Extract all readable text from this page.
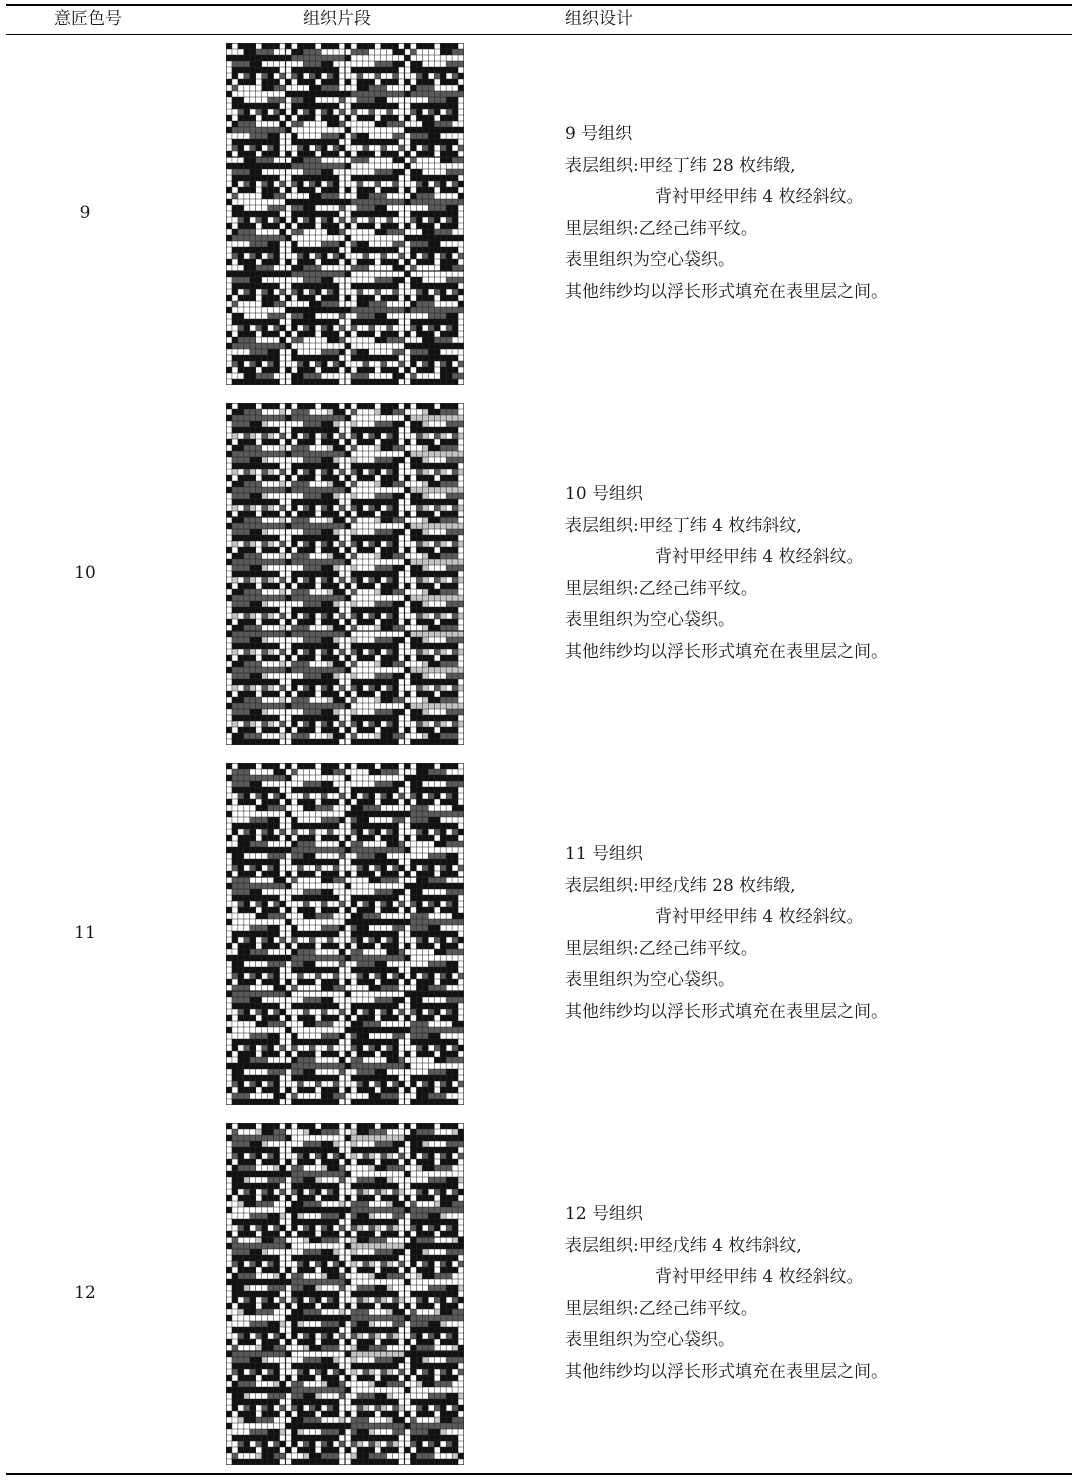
意匠色号	组织片段	组织设计
9
9 号组织
表层组织:甲经丁纬 28 枚纬缎,
背衬甲经甲纬 4 枚经斜纹。
里层组织:乙经己纬平纹。
表里组织为空心袋织。
其他纬纱均以浮长形式填充在表里层之间。
10
10 号组织
表层组织:甲经丁纬 4 枚纬斜纹,
背衬甲经甲纬 4 枚经斜纹。
里层组织:乙经己纬平纹。
表里组织为空心袋织。
其他纬纱均以浮长形式填充在表里层之间。
11
11 号组织
表层组织:甲经戊纬 28 枚纬缎,
背衬甲经甲纬 4 枚经斜纹。
里层组织:乙经己纬平纹。
表里组织为空心袋织。
其他纬纱均以浮长形式填充在表里层之间。
12
12 号组织
表层组织:甲经戊纬 4 枚纬斜纹,
背衬甲经甲纬 4 枚经斜纹。
里层组织:乙经己纬平纹。
表里组织为空心袋织。
其他纬纱均以浮长形式填充在表里层之间。
